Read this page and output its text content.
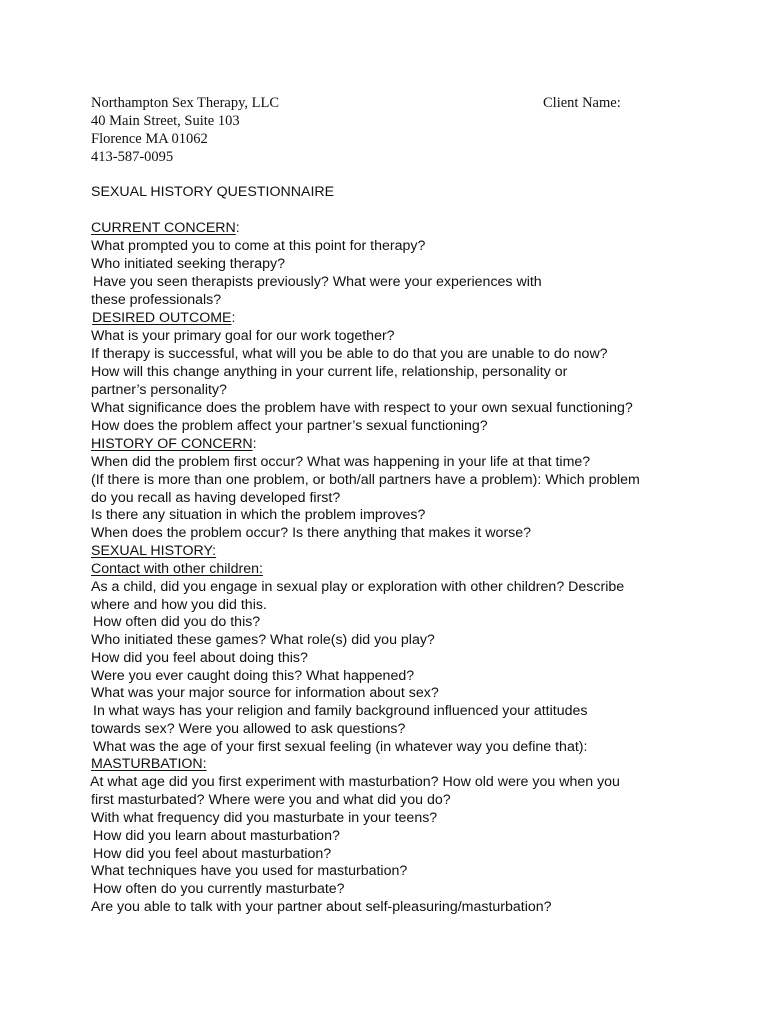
Northampton Sex Therapy, LLC	Client Name:
40 Main Street, Suite 103
Florence MA 01062
413-587-0095
SEXUAL HISTORY QUESTIONNAIRE
CURRENT CONCERN:
What prompted you to come at this point for therapy?
Who initiated seeking therapy?
Have you seen therapists previously? What were your experiences with
these professionals?
DESIRED OUTCOME:
What is your primary goal for our work together?
If therapy is successful, what will you be able to do that you are unable to do now?
How will this change anything in your current life, relationship, personality or
partner’s personality?
What significance does the problem have with respect to your own sexual functioning?
How does the problem affect your partner’s sexual functioning?
HISTORY OF CONCERN:
When did the problem first occur? What was happening in your life at that time?
(If there is more than one problem, or both/all partners have a problem): Which problem
do you recall as having developed first?
Is there any situation in which the problem improves?
When does the problem occur? Is there anything that makes it worse?
SEXUAL HISTORY:
Contact with other children:
As a child, did you engage in sexual play or exploration with other children? Describe
where and how you did this.
How often did you do this?
Who initiated these games? What role(s) did you play?
How did you feel about doing this?
Were you ever caught doing this? What happened?
What was your major source for information about sex?
In what ways has your religion and family background influenced your attitudes
towards sex? Were you allowed to ask questions?
What was the age of your first sexual feeling (in whatever way you define that):
MASTURBATION:
At what age did you first experiment with masturbation? How old were you when you
first masturbated? Where were you and what did you do?
With what frequency did you masturbate in your teens?
How did you learn about masturbation?
How did you feel about masturbation?
What techniques have you used for masturbation?
How often do you currently masturbate?
Are you able to talk with your partner about self-pleasuring/masturbation?
